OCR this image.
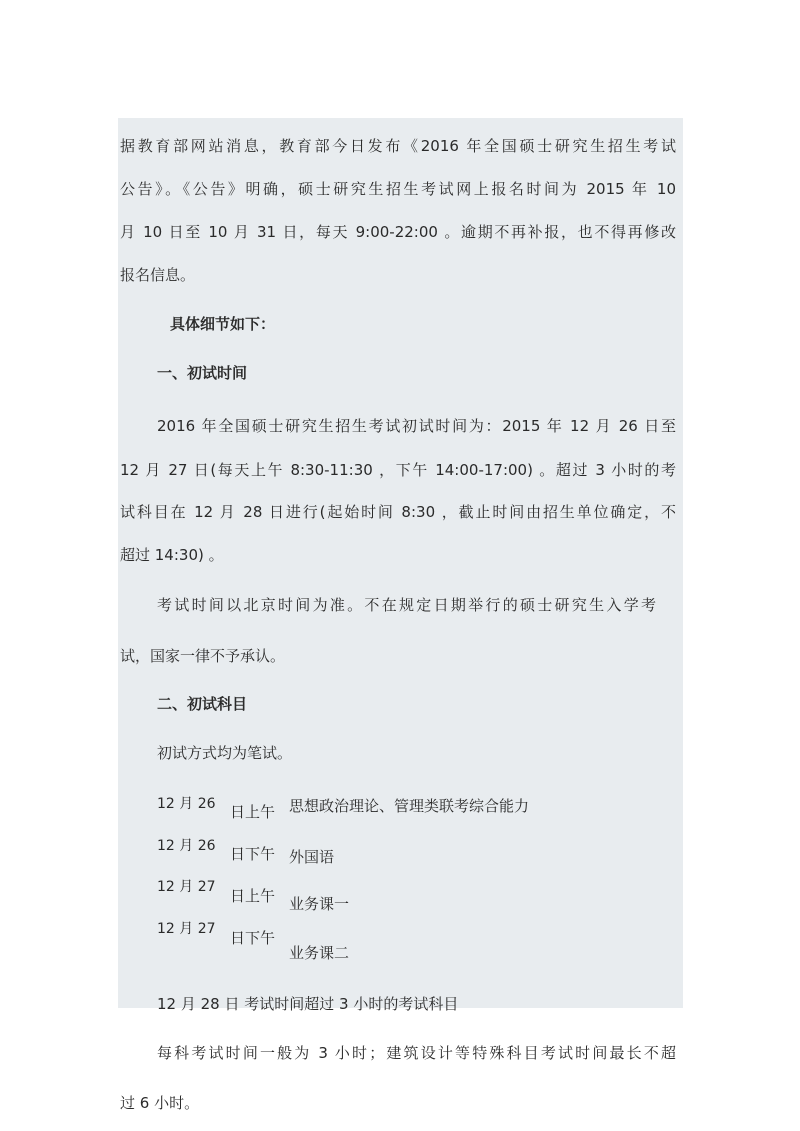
据教育部网站消息，教育部今日发布《2016 年全国硕士研究生招生考试

公告》。《公告》明确，硕士研究生招生考试网上报名时间为 2015 年 10

月 10 日至 10 月 31 日，每天 9:00-22:00 。逾期不再补报，也不得再修改

报名信息。

具体细节如下：

一、初试时间

2016 年全国硕士研究生招生考试初试时间为：2015 年 12 月 26 日至

12 月 27 日(每天上午 8:30-11:30 ，下午 14:00-17:00) 。超过 3 小时的考

试科目在 12 月 28 日进行(起始时间 8:30 ，截止时间由招生单位确定，不

超过 14:30) 。

考试时间以北京时间为准。不在规定日期举行的硕士研究生入学考

试，国家一律不予承认。

二、初试科目

初试方式均为笔试。

12 月 26 日上午 思想政治理论、管理类联考综合能力

12 月 26 日下午 外国语

12 月 27 日上午 业务课一

12 月 27 日下午

业务课二

12 月 28 日 考试时间超过 3 小时的考试科目

每科考试时间一般为 3 小时；建筑设计等特殊科目考试时间最长不超

过 6 小时。
